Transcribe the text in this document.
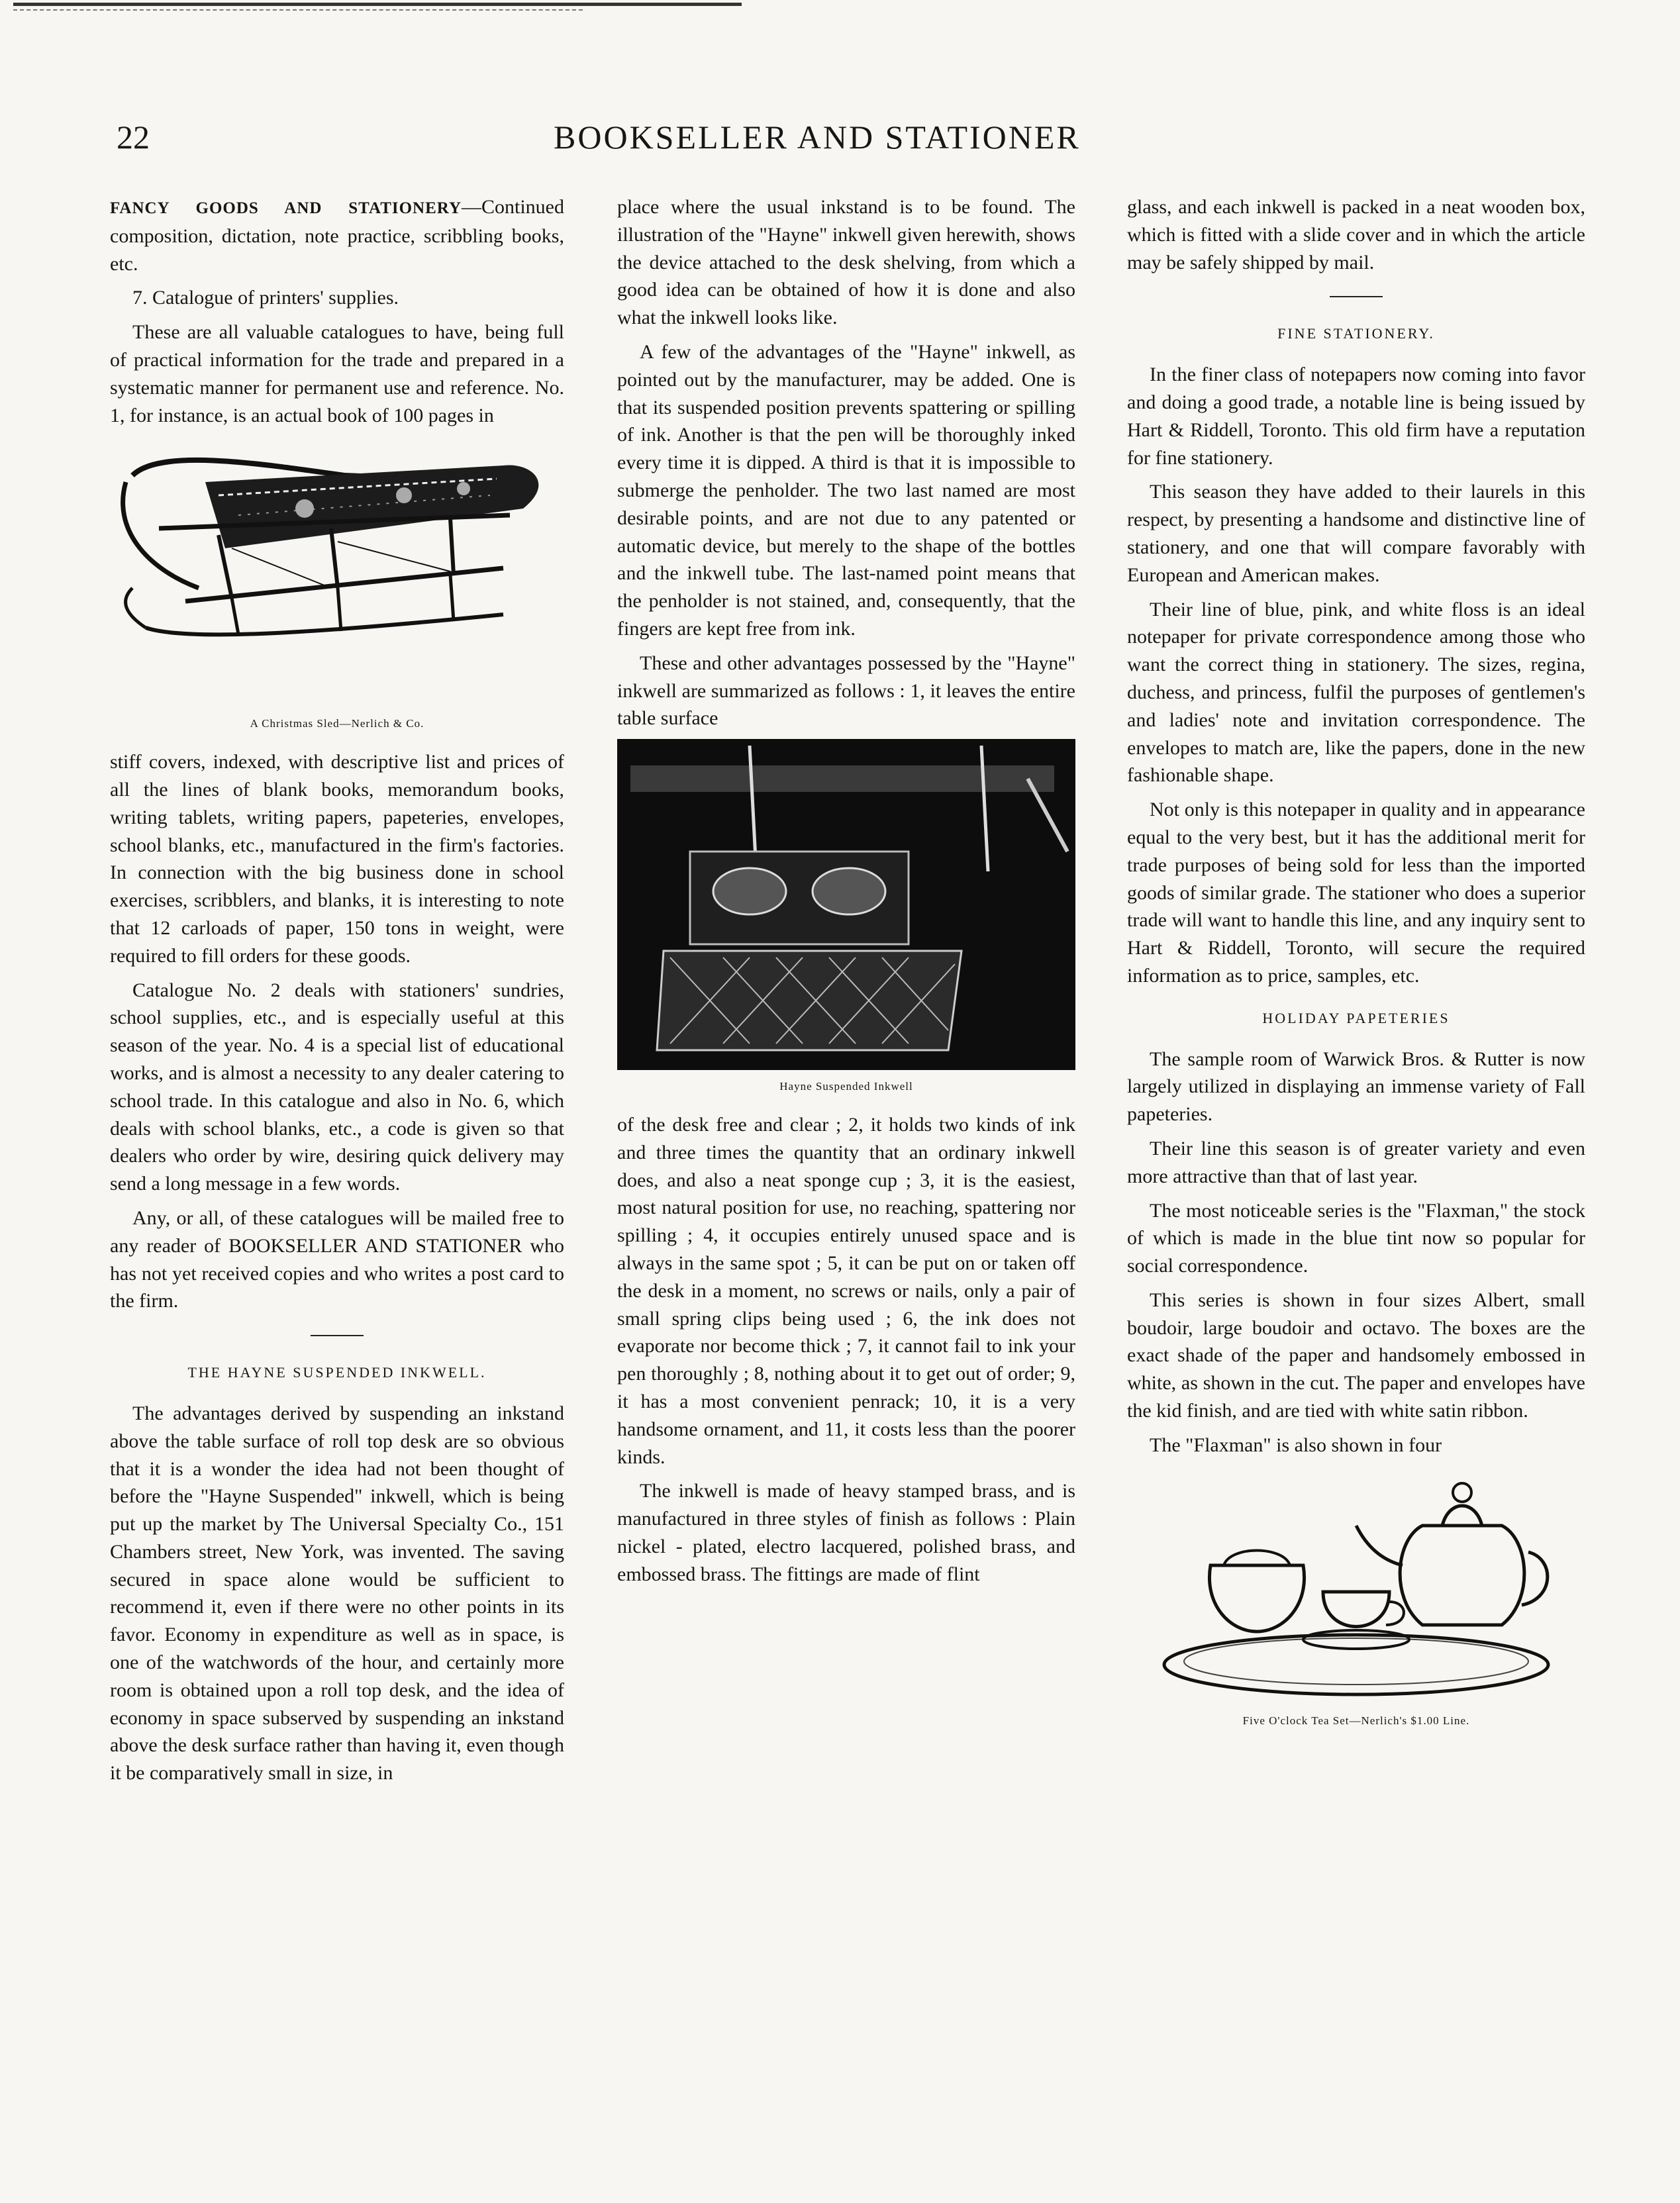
22	BOOKSELLER AND STATIONER

FANCY GOODS AND STATIONERY—Continued composition, dictation, note practice, scribbling books, etc.

7. Catalogue of printers' supplies.

These are all valuable catalogues to have, being full of practical information for the trade and prepared in a systematic manner for permanent use and reference. No. 1, for instance, is an actual book of 100 pages in

A Christmas Sled—Nerlich & Co.

stiff covers, indexed, with descriptive list and prices of all the lines of blank books, memorandum books, writing tablets, writing papers, papeteries, envelopes, school blanks, etc., manufactured in the firm's factories. In connection with the big business done in school exercises, scribblers, and blanks, it is interesting to note that 12 carloads of paper, 150 tons in weight, were required to fill orders for these goods.

Catalogue No. 2 deals with stationers' sundries, school supplies, etc., and is especially useful at this season of the year. No. 4 is a special list of educational works, and is almost a necessity to any dealer catering to school trade. In this catalogue and also in No. 6, which deals with school blanks, etc., a code is given so that dealers who order by wire, desiring quick delivery may send a long message in a few words.

Any, or all, of these catalogues will be mailed free to any reader of BOOKSELLER AND STATIONER who has not yet received copies and who writes a post card to the firm.

THE HAYNE SUSPENDED INKWELL.

The advantages derived by suspending an inkstand above the table surface of roll top desk are so obvious that it is a wonder the idea had not been thought of before the "Hayne Suspended" inkwell, which is being put up the market by The Universal Specialty Co., 151 Chambers street, New York, was invented. The saving secured in space alone would be sufficient to recommend it, even if there were no other points in its favor. Economy in expenditure as well as in space, is one of the watchwords of the hour, and certainly more room is obtained upon a roll top desk, and the idea of economy in space subserved by suspending an inkstand above the desk surface rather than having it, even though it be comparatively small in size, in

place where the usual inkstand is to be found. The illustration of the "Hayne" inkwell given herewith, shows the device attached to the desk shelving, from which a good idea can be obtained of how it is done and also what the inkwell looks like.

A few of the advantages of the "Hayne" inkwell, as pointed out by the manufacturer, may be added. One is that its suspended position prevents spattering or spilling of ink. Another is that the pen will be thoroughly inked every time it is dipped. A third is that it is impossible to submerge the penholder. The two last named are most desirable points, and are not due to any patented or automatic device, but merely to the shape of the bottles and the inkwell tube. The last-named point means that the penholder is not stained, and, consequently, that the fingers are kept free from ink.

These and other advantages possessed by the "Hayne" inkwell are summarized as follows : 1, it leaves the entire table surface

Hayne Suspended Inkwell

of the desk free and clear ; 2, it holds two kinds of ink and three times the quantity that an ordinary inkwell does, and also a neat sponge cup ; 3, it is the easiest, most natural position for use, no reaching, spattering nor spilling ; 4, it occupies entirely unused space and is always in the same spot ; 5, it can be put on or taken off the desk in a moment, no screws or nails, only a pair of small spring clips being used ; 6, the ink does not evaporate nor become thick ; 7, it cannot fail to ink your pen thoroughly ; 8, nothing about it to get out of order; 9, it has a most convenient penrack; 10, it is a very handsome ornament, and 11, it costs less than the poorer kinds.

The inkwell is made of heavy stamped brass, and is manufactured in three styles of finish as follows : Plain nickel - plated, electro lacquered, polished brass, and embossed brass. The fittings are made of flint

glass, and each inkwell is packed in a neat wooden box, which is fitted with a slide cover and in which the article may be safely shipped by mail.

FINE STATIONERY.

In the finer class of notepapers now coming into favor and doing a good trade, a notable line is being issued by Hart & Riddell, Toronto. This old firm have a reputation for fine stationery.

This season they have added to their laurels in this respect, by presenting a handsome and distinctive line of stationery, and one that will compare favorably with European and American makes.

Their line of blue, pink, and white floss is an ideal notepaper for private correspondence among those who want the correct thing in stationery. The sizes, regina, duchess, and princess, fulfil the purposes of gentlemen's and ladies' note and invitation correspondence. The envelopes to match are, like the papers, done in the new fashionable shape.

Not only is this notepaper in quality and in appearance equal to the very best, but it has the additional merit for trade purposes of being sold for less than the imported goods of similar grade. The stationer who does a superior trade will want to handle this line, and any inquiry sent to Hart & Riddell, Toronto, will secure the required information as to price, samples, etc.

HOLIDAY PAPETERIES

The sample room of Warwick Bros. & Rutter is now largely utilized in displaying an immense variety of Fall papeteries.

Their line this season is of greater variety and even more attractive than that of last year.

The most noticeable series is the "Flaxman," the stock of which is made in the blue tint now so popular for social correspondence.

This series is shown in four sizes Albert, small boudoir, large boudoir and octavo. The boxes are the exact shade of the paper and handsomely embossed in white, as shown in the cut. The paper and envelopes have the kid finish, and are tied with white satin ribbon.

The "Flaxman" is also shown in four

Five O'clock Tea Set—Nerlich's $1.00 Line.
